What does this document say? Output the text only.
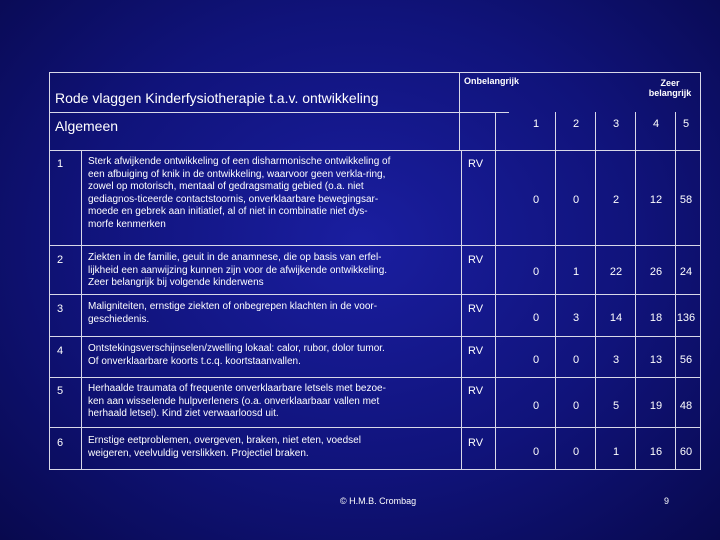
Rode vlaggen Kinderfysiotherapie t.a.v. ontwikkeling
Algemeen
Onbelangrijk	Zeer
belangrijk
1	2	3	4	5
1 Sterk afwijkende ontwikkeling of een disharmonische ontwikkeling of
een afbuiging of knik in de ontwikkeling, waarvoor geen verkla-ring,
zowel op motorisch, mentaal of gedragsmatig gebied (o.a. niet
gediagnos-ticeerde contactstoornis, onverklaarbare bewegingsar-
moede en gebrek aan initiatief, al of niet in combinatie niet dys-
morfe kenmerken
RV
0	0	2	12	58
2 Ziekten in de familie, geuit in de anamnese, die op basis van erfel-
lijkheid een aanwijzing kunnen zijn voor de afwijkende ontwikkeling.
Zeer belangrijk bij volgende kinderwens
RV
0	1	22	26	24
3 Maligniteiten, ernstige ziekten of onbegrepen klachten in de voor-
geschiedenis.
RV
0	3	14	18	136
4 Ontstekingsverschijnselen/zwelling lokaal: calor, rubor, dolor tumor.
Of onverklaarbare koorts t.c.q. koortstaanvallen.
RV
0	0	3	13	56
5 Herhaalde traumata of frequente onverklaarbare letsels met bezoe-
ken aan wisselende hulpverleners (o.a. onverklaarbaar vallen met
herhaald letsel). Kind ziet verwaarloosd uit.
RV
0	0	5	19	48
6 Ernstige eetproblemen, overgeven, braken, niet eten, voedsel
weigeren, veelvuldig verslikken. Projectiel braken.
RV
0	0	1	16	60
© H.M.B. Crombag	9
